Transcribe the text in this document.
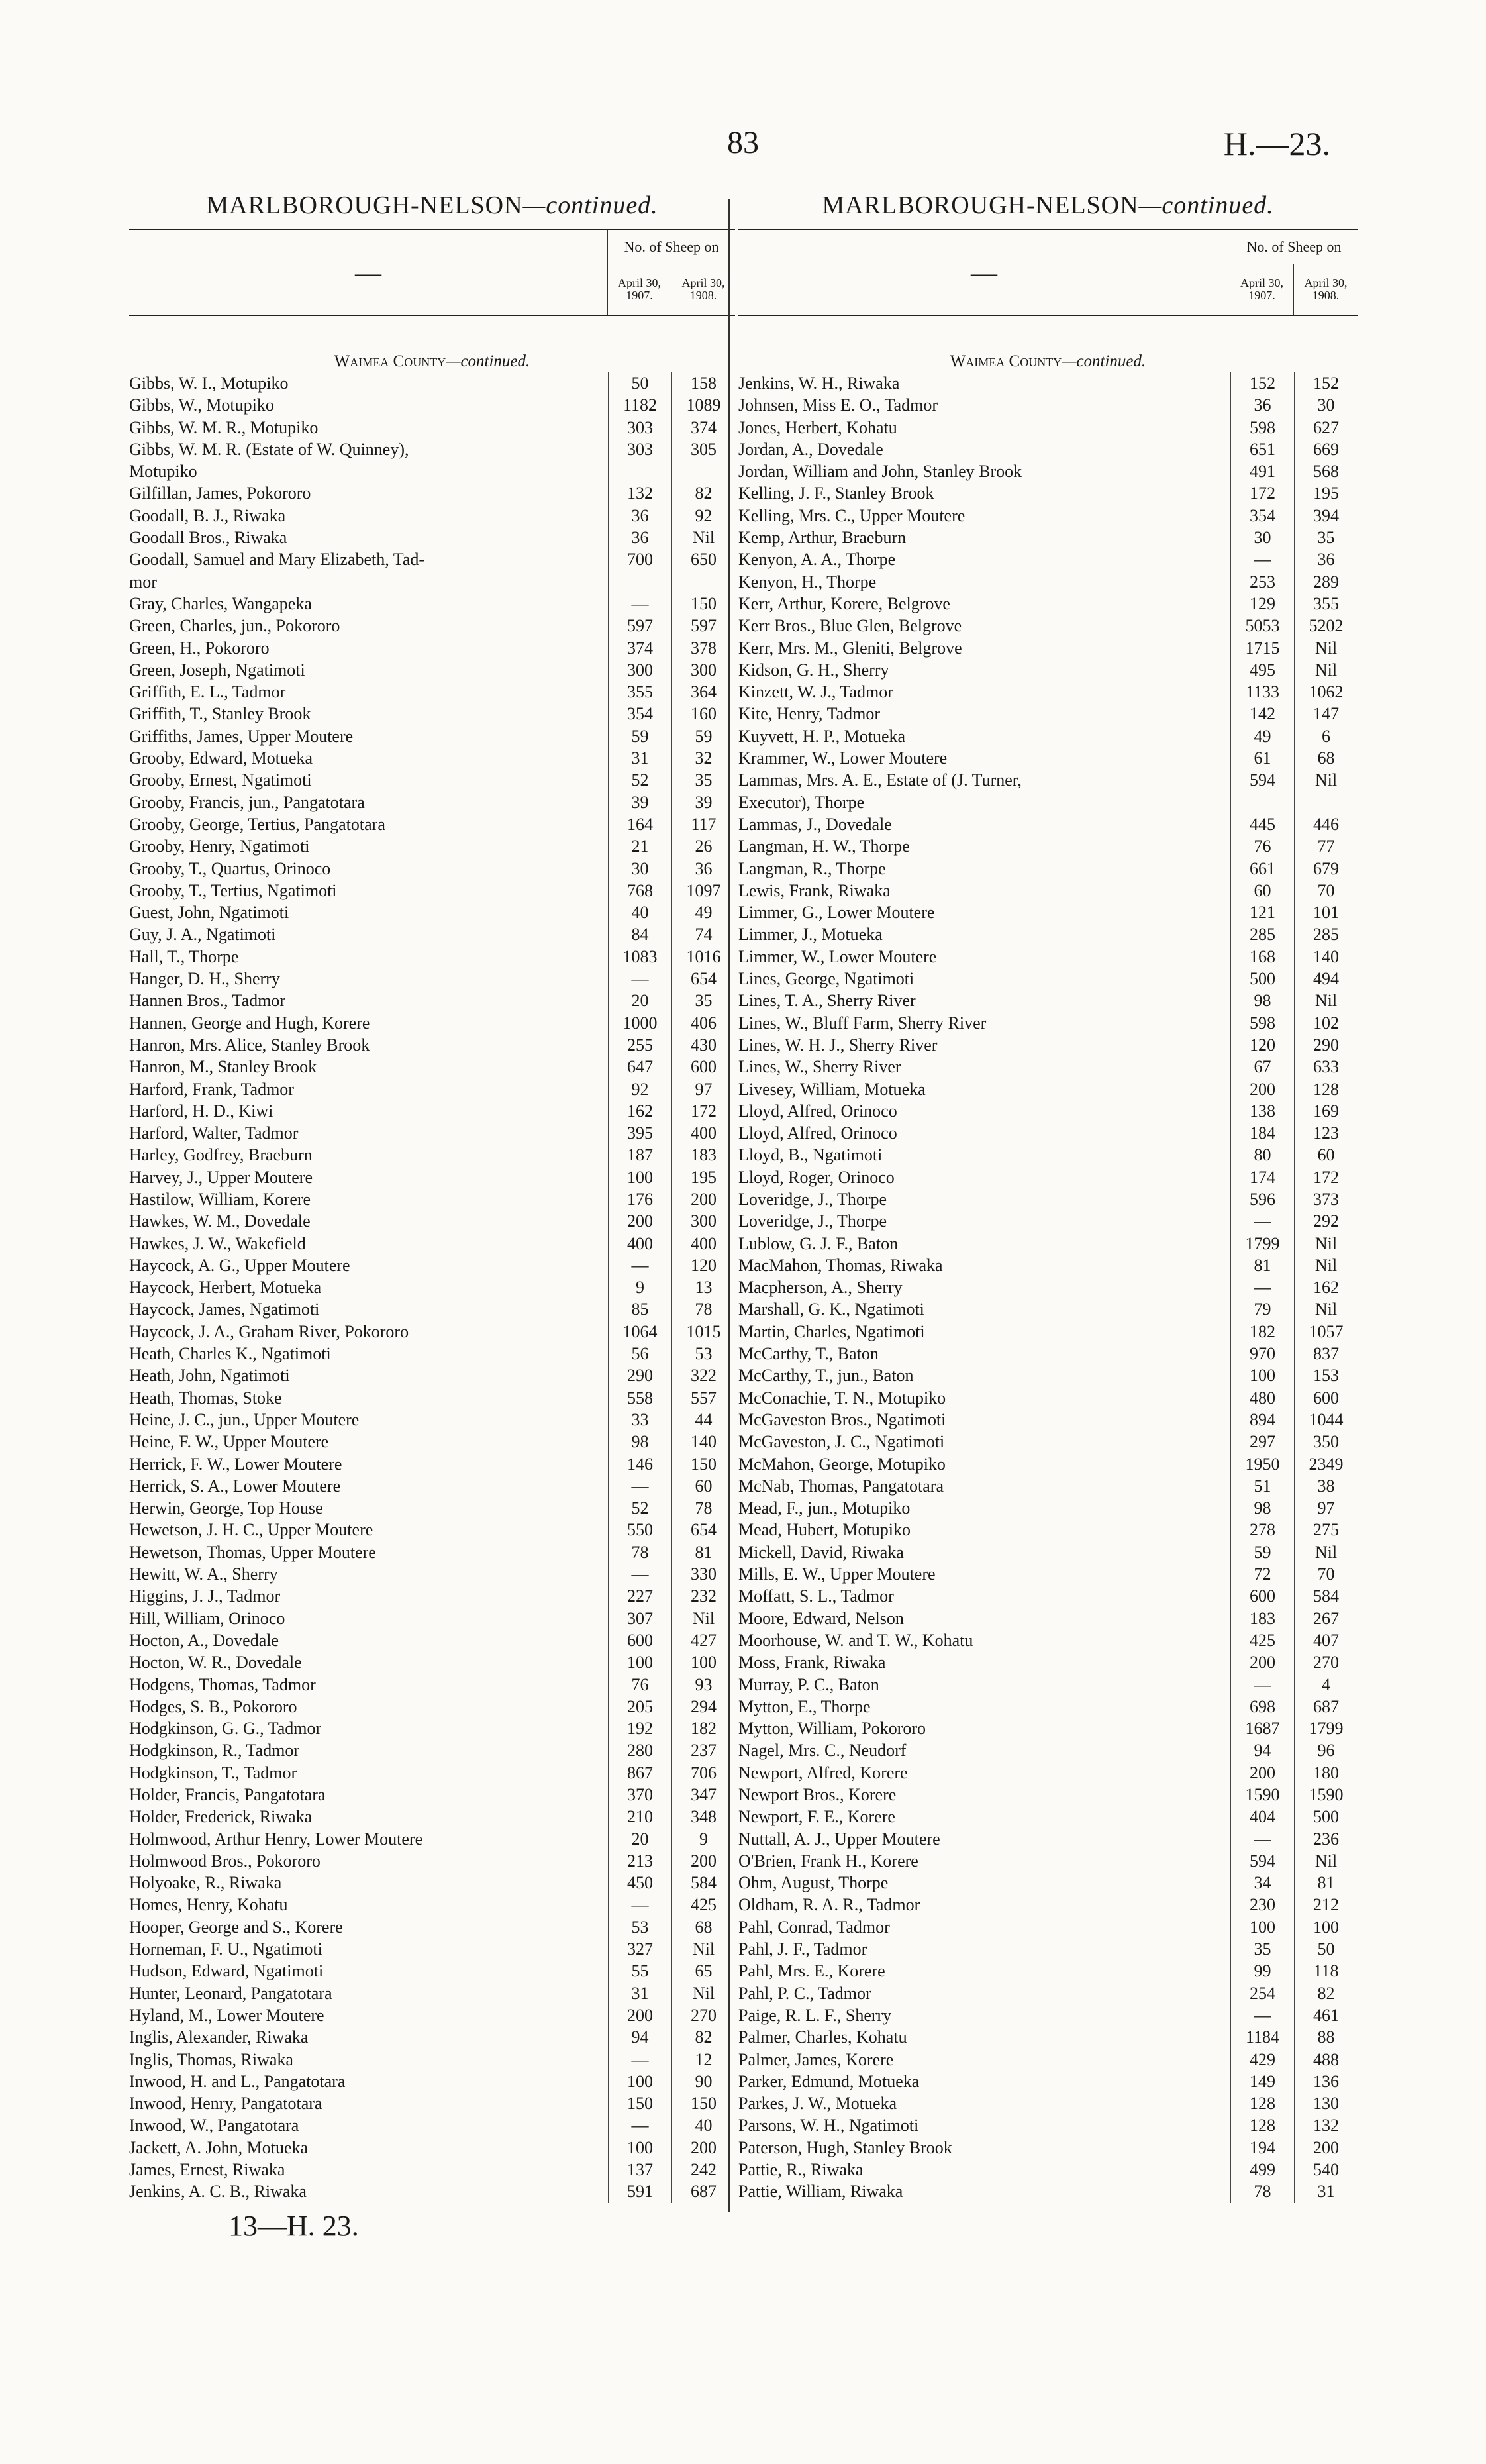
83	H.—23.
MARLBOROUGH-NELSON—continued.
—
No. of Sheep on
April 30, 1907.
April 30, 1908.
Waimea County—continued.
Gibbs, W. I., Motupiko	50	158
Gibbs, W., Motupiko	1182	1089
Gibbs, W. M. R., Motupiko	303	374
Gibbs, W. M. R. (Estate of W. Quinney),	303	305
Motupiko
Gilfillan, James, Pokororo	132	82
Goodall, B. J., Riwaka	36	92
Goodall Bros., Riwaka	36	Nil
Goodall, Samuel and Mary Elizabeth, Tad-	700	650
mor
Gray, Charles, Wangapeka	—	150
Green, Charles, jun., Pokororo	597	597
Green, H., Pokororo	374	378
Green, Joseph, Ngatimoti	300	300
Griffith, E. L., Tadmor	355	364
Griffith, T., Stanley Brook	354	160
Griffiths, James, Upper Moutere	59	59
Grooby, Edward, Motueka	31	32
Grooby, Ernest, Ngatimoti	52	35
Grooby, Francis, jun., Pangatotara	39	39
Grooby, George, Tertius, Pangatotara	164	117
Grooby, Henry, Ngatimoti	21	26
Grooby, T., Quartus, Orinoco	30	36
Grooby, T., Tertius, Ngatimoti	768	1097
Guest, John, Ngatimoti	40	49
Guy, J. A., Ngatimoti	84	74
Hall, T., Thorpe	1083	1016
Hanger, D. H., Sherry	—	654
Hannen Bros., Tadmor	20	35
Hannen, George and Hugh, Korere	1000	406
Hanron, Mrs. Alice, Stanley Brook	255	430
Hanron, M., Stanley Brook	647	600
Harford, Frank, Tadmor	92	97
Harford, H. D., Kiwi	162	172
Harford, Walter, Tadmor	395	400
Harley, Godfrey, Braeburn	187	183
Harvey, J., Upper Moutere	100	195
Hastilow, William, Korere	176	200
Hawkes, W. M., Dovedale	200	300
Hawkes, J. W., Wakefield	400	400
Haycock, A. G., Upper Moutere	—	120
Haycock, Herbert, Motueka	9	13
Haycock, James, Ngatimoti	85	78
Haycock, J. A., Graham River, Pokororo	1064	1015
Heath, Charles K., Ngatimoti	56	53
Heath, John, Ngatimoti	290	322
Heath, Thomas, Stoke	558	557
Heine, J. C., jun., Upper Moutere	33	44
Heine, F. W., Upper Moutere	98	140
Herrick, F. W., Lower Moutere	146	150
Herrick, S. A., Lower Moutere	—	60
Herwin, George, Top House	52	78
Hewetson, J. H. C., Upper Moutere	550	654
Hewetson, Thomas, Upper Moutere	78	81
Hewitt, W. A., Sherry	—	330
Higgins, J. J., Tadmor	227	232
Hill, William, Orinoco	307	Nil
Hocton, A., Dovedale	600	427
Hocton, W. R., Dovedale	100	100
Hodgens, Thomas, Tadmor	76	93
Hodges, S. B., Pokororo	205	294
Hodgkinson, G. G., Tadmor	192	182
Hodgkinson, R., Tadmor	280	237
Hodgkinson, T., Tadmor	867	706
Holder, Francis, Pangatotara	370	347
Holder, Frederick, Riwaka	210	348
Holmwood, Arthur Henry, Lower Moutere	20	9
Holmwood Bros., Pokororo	213	200
Holyoake, R., Riwaka	450	584
Homes, Henry, Kohatu	—	425
Hooper, George and S., Korere	53	68
Horneman, F. U., Ngatimoti	327	Nil
Hudson, Edward, Ngatimoti	55	65
Hunter, Leonard, Pangatotara	31	Nil
Hyland, M., Lower Moutere	200	270
Inglis, Alexander, Riwaka	94	82
Inglis, Thomas, Riwaka	—	12
Inwood, H. and L., Pangatotara	100	90
Inwood, Henry, Pangatotara	150	150
Inwood, W., Pangatotara	—	40
Jackett, A. John, Motueka	100	200
James, Ernest, Riwaka	137	242
Jenkins, A. C. B., Riwaka	591	687
MARLBOROUGH-NELSON—continued.
—
No. of Sheep on
April 30, 1907.
April 30, 1908.
Waimea County—continued.
Jenkins, W. H., Riwaka	152	152
Johnsen, Miss E. O., Tadmor	36	30
Jones, Herbert, Kohatu	598	627
Jordan, A., Dovedale	651	669
Jordan, William and John, Stanley Brook	491	568
Kelling, J. F., Stanley Brook	172	195
Kelling, Mrs. C., Upper Moutere	354	394
Kemp, Arthur, Braeburn	30	35
Kenyon, A. A., Thorpe	—	36
Kenyon, H., Thorpe	253	289
Kerr, Arthur, Korere, Belgrove	129	355
Kerr Bros., Blue Glen, Belgrove	5053	5202
Kerr, Mrs. M., Gleniti, Belgrove	1715	Nil
Kidson, G. H., Sherry	495	Nil
Kinzett, W. J., Tadmor	1133	1062
Kite, Henry, Tadmor	142	147
Kuyvett, H. P., Motueka	49	6
Krammer, W., Lower Moutere	61	68
Lammas, Mrs. A. E., Estate of (J. Turner,	594	Nil
Executor), Thorpe
Lammas, J., Dovedale	445	446
Langman, H. W., Thorpe	76	77
Langman, R., Thorpe	661	679
Lewis, Frank, Riwaka	60	70
Limmer, G., Lower Moutere	121	101
Limmer, J., Motueka	285	285
Limmer, W., Lower Moutere	168	140
Lines, George, Ngatimoti	500	494
Lines, T. A., Sherry River	98	Nil
Lines, W., Bluff Farm, Sherry River	598	102
Lines, W. H. J., Sherry River	120	290
Lines, W., Sherry River	67	633
Livesey, William, Motueka	200	128
Lloyd, Alfred, Orinoco	138	169
Lloyd, Alfred, Orinoco	184	123
Lloyd, B., Ngatimoti	80	60
Lloyd, Roger, Orinoco	174	172
Loveridge, J., Thorpe	596	373
Loveridge, J., Thorpe	—	292
Lublow, G. J. F., Baton	1799	Nil
MacMahon, Thomas, Riwaka	81	Nil
Macpherson, A., Sherry	—	162
Marshall, G. K., Ngatimoti	79	Nil
Martin, Charles, Ngatimoti	182	1057
McCarthy, T., Baton	970	837
McCarthy, T., jun., Baton	100	153
McConachie, T. N., Motupiko	480	600
McGaveston Bros., Ngatimoti	894	1044
McGaveston, J. C., Ngatimoti	297	350
McMahon, George, Motupiko	1950	2349
McNab, Thomas, Pangatotara	51	38
Mead, F., jun., Motupiko	98	97
Mead, Hubert, Motupiko	278	275
Mickell, David, Riwaka	59	Nil
Mills, E. W., Upper Moutere	72	70
Moffatt, S. L., Tadmor	600	584
Moore, Edward, Nelson	183	267
Moorhouse, W. and T. W., Kohatu	425	407
Moss, Frank, Riwaka	200	270
Murray, P. C., Baton	—	4
Mytton, E., Thorpe	698	687
Mytton, William, Pokororo	1687	1799
Nagel, Mrs. C., Neudorf	94	96
Newport, Alfred, Korere	200	180
Newport Bros., Korere	1590	1590
Newport, F. E., Korere	404	500
Nuttall, A. J., Upper Moutere	—	236
O'Brien, Frank H., Korere	594	Nil
Ohm, August, Thorpe	34	81
Oldham, R. A. R., Tadmor	230	212
Pahl, Conrad, Tadmor	100	100
Pahl, J. F., Tadmor	35	50
Pahl, Mrs. E., Korere	99	118
Pahl, P. C., Tadmor	254	82
Paige, R. L. F., Sherry	—	461
Palmer, Charles, Kohatu	1184	88
Palmer, James, Korere	429	488
Parker, Edmund, Motueka	149	136
Parkes, J. W., Motueka	128	130
Parsons, W. H., Ngatimoti	128	132
Paterson, Hugh, Stanley Brook	194	200
Pattie, R., Riwaka	499	540
Pattie, William, Riwaka	78	31
13—H. 23.
